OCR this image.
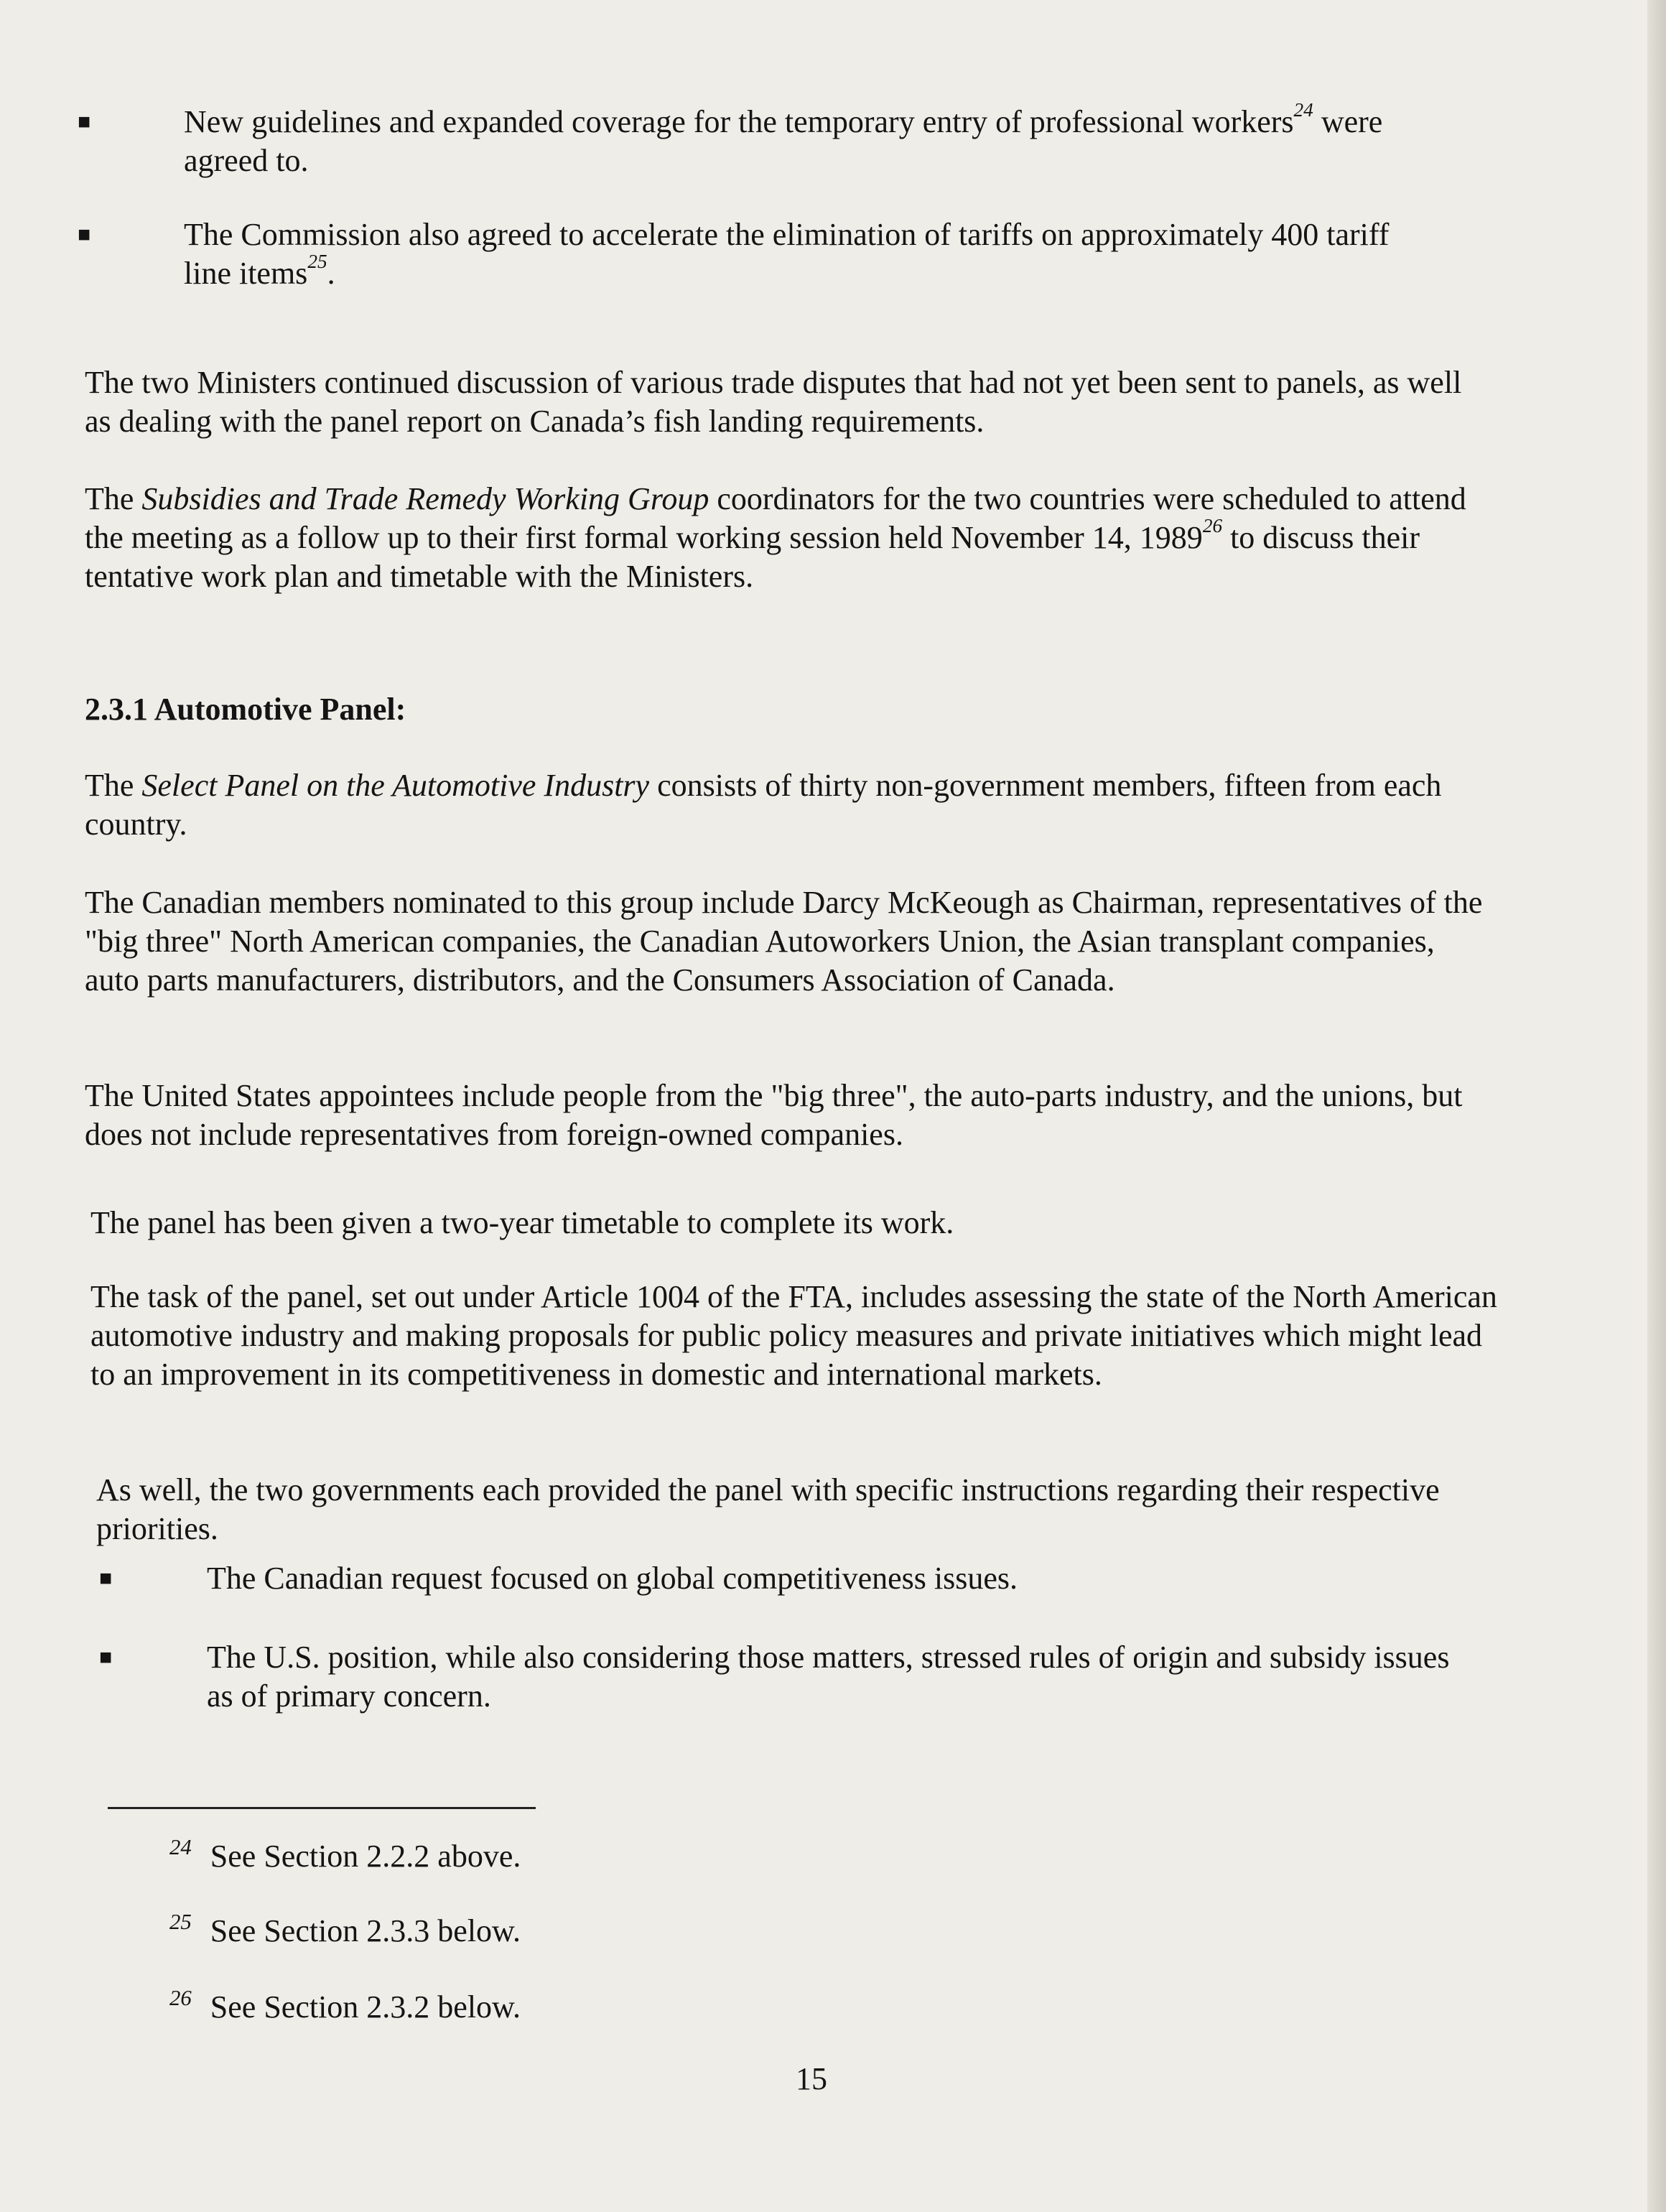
■	New guidelines and expanded coverage for the temporary entry of professional workers$^{24}$ were agreed to.
■	The Commission also agreed to accelerate the elimination of tariffs on approximately 400 tariff line items$^{25}$.

The two Ministers continued discussion of various trade disputes that had not yet been sent to panels, as well as dealing with the panel report on Canada’s fish landing requirements.

The Subsidies and Trade Remedy Working Group coordinators for the two countries were scheduled to attend the meeting as a follow up to their first formal working session held November 14, 1989$^{26}$ to discuss their tentative work plan and timetable with the Ministers.

2.3.1 Automotive Panel:

The Select Panel on the Automotive Industry consists of thirty non-government members, fifteen from each country.

The Canadian members nominated to this group include Darcy McKeough as Chairman, representatives of the "big three" North American companies, the Canadian Autoworkers Union, the Asian transplant companies, auto parts manufacturers, distributors, and the Consumers Association of Canada.

The United States appointees include people from the "big three", the auto-parts industry, and the unions, but does not include representatives from foreign-owned companies.

The panel has been given a two-year timetable to complete its work.

The task of the panel, set out under Article 1004 of the FTA, includes assessing the state of the North American automotive industry and making proposals for public policy measures and private initiatives which might lead to an improvement in its competitiveness in domestic and international markets.

As well, the two governments each provided the panel with specific instructions regarding their respective priorities.

■	The Canadian request focused on global competitiveness issues.
■	The U.S. position, while also considering those matters, stressed rules of origin and subsidy issues as of primary concern.
$^{24}$ See Section 2.2.2 above.
$^{25}$ See Section 2.3.3 below.
$^{26}$ See Section 2.3.2 below.
15
